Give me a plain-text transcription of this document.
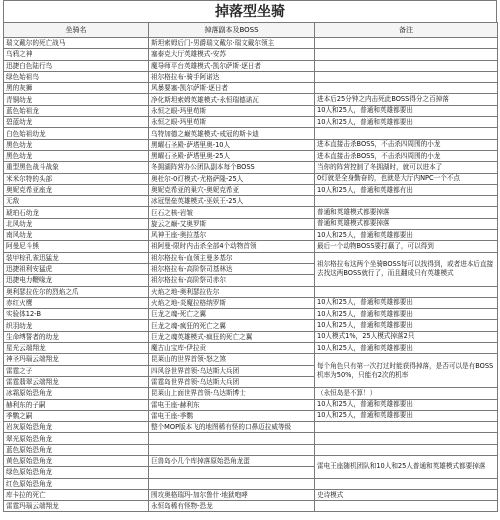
掉落型坐骑
坐骑名	掉落副本及BOSS	备注
瑞文戴尔的死亡战马	斯坦索姆后门-男爵瑞文戴尔·瑞文戴尔领主	
乌鸦之神	塞泰克大厅英雄模式-安苏	
迅捷白色陆行鸟	魔导师平台英雄模式-凯尔萨斯·逐日者	
绿色始祖鸟	祖尔格拉布-骑手阿诺达	
黑的灰狮	风暴要塞-凯尔萨斯·逐日者	
青铜幼龙	净化斯坦索姆英雄模式-永恒瑞德诺瓦	进本后25分钟之内击死此BOSS得分之百掉落
蓝色始祖龙	永恒之眼-玛里苟斯	10人和25人，普通和英雄都要出
碧蓝幼龙	永恒之眼-玛里苟斯	10人和25人，普通和英雄都要出
白色始祖幼龙	乌特加德之巅英雄模式-戒冠的斯卡迪	
黑色幼龙	黑曜石圣殿-萨塔里奥-10人	进本直接击杀BOSS，不击杀四周围的小龙
黑色幼龙	黑曜石圣殿-萨塔里奥-25人	进本直接击杀BOSS，不击杀四周围的小龙
重型黑色战斗战象	冬拥湖阵营办公团队副本每个BOSS	当你的阵营控制了冬拥湖时，就可以进本了
米米尔特的头部	奥杜尔-0灯模式-尤格萨隆-25人	0灯就是全身勤奋的，也就是大厅内NPC一个不点
奥妮克希亚座龙	奥妮克希亚的巢穴-奥妮克希亚	10人和25人，普通和英雄都有出
无敌	冰冠堡垒英雄模式-巫妖王-25人	
琥珀石幼龙	巨石之核-岩皱	普通和英雄模式都要掉落
北风幼龙	旋云之巅-艾奥罗斯	普通和英雄模式都要掉落
南风幼龙	风神王座-奥拉基尔	10人和25人，普通和英雄都要出
阿曼尼斗熊	祖阿曼-限时内击杀全部4个动物首领	最后一个动物BOSS要打赢了，可以得到
装甲棕孔雀迅猛龙	祖尔格拉布-血领主曼多基尔	祖尔格拉布这两个坐骑BOSS每可以找得到，或者进本后直接去找这两BOSS就行了，而且翻成只有英雄模式
迅捷祖利安猛虎	祖尔格拉布-高阶祭司基林达	
迅捷电力鞭喙龙	祖尔格拉布-高阶祭司赤尔	
奥利瑟拉佐尔的烈焰之爪	火焰之地-奥利瑟拉佐尔	
赤红火鹰	火焰之地-炎魔拉格纳罗斯	10人和25人，普通和英雄都要出
实验体12-B	巨龙之魂-死亡之翼	10人和25人，普通和英雄都要出
织羽幼龙	巨龙之魂-疯狂的死亡之翼	10人和25人，普通和英雄都要出
生命缚誓者的幼龙	巨龙之魂英雄模式-疯狂的死亡之翼	10人模式1%，25人模式掉落2只
星光云端翔龙	魔古山宝库-伊拉贡	10人和25人，普通和英雄都要出
神圣玛瑙云端翔龙	昆莱山的世界首领-怒之煞	每个角色只有第一次打过时能获得掉落，是否可以是有BOSS机率为50%，只能有2次的机率
雷霆之子	四风谷世界首领-乌达斯大兵团	
雷霆翡翠云端翔龙	雷霆岛世界首领-乌达斯大兵团	
冰霜原始恐角龙	昆莱山上面世界首领-乌达斯博士	（永恒岛是不算！）
赫利东的子嗣	雷电王座-赫利东	10人和25人，普通和英雄都要出
季鹦之嗣	雷电王座-季鹦	10人和25人，普通和英雄都要出
岩灰原始恐角龙	整个MOP版本飞的地图稀有怪的口鼻迈拉威等级	
翠光原始恐角龙		
蓝色原始恐角龙		
黄色原始恐角龙	巨兽岛小几个库掉落原始恐角龙蛋	雷电王座随机团队和10人和25人普通和英雄模式都要掉落
绿色原始恐角龙		
红色原始恐角龙		
库卡拉的死亡	围攻奥格瑞玛-加尔鲁什·地狱咆哮	史诗模式
雷霆玛瑙云端翔龙	永恒岛稀有怪物-恐龙	
